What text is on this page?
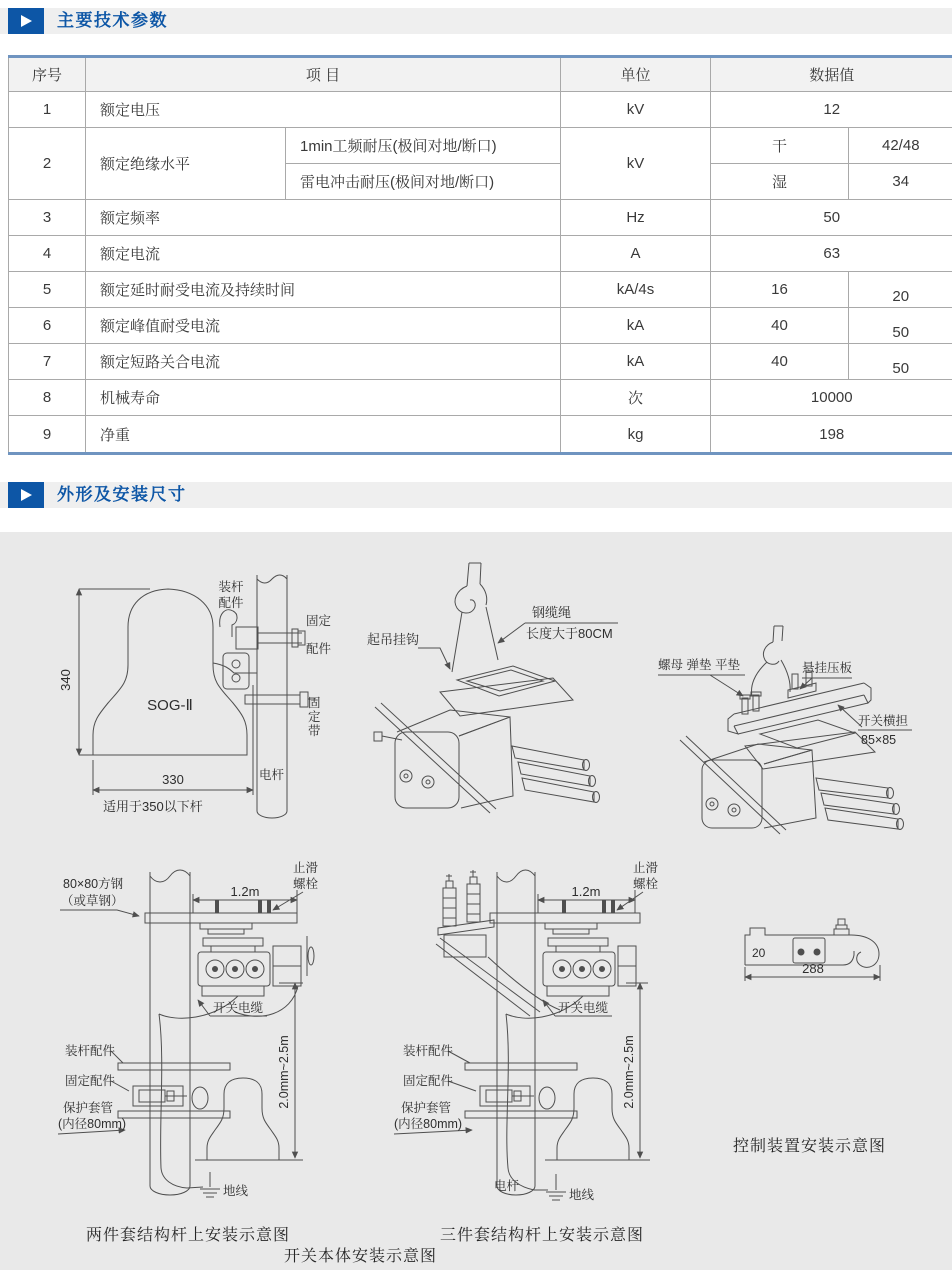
主要技术参数
序号	项 目		单位	数据值	
1	额定电压		kV	12	
2	额定绝缘水平	1min工频耐压(极间对地/断口)	kV	干	42/48
		雷电冲击耐压(极间对地/断口)		湿	34
3	额定频率		Hz	50	
4	额定电流		A	63	
5	额定延时耐受电流及持续时间		kA/4s	16	20
6	额定峰值耐受电流		kA	40	50
7	额定短路关合电流		kA	40	50
8	机械寿命		次	10000	
9	净重		kg	198	
外形及安装尺寸
340
330
SOG-Ⅱ
装杆
配件
固定
配件
固
定
带
电杆
适用于350以下杆
起吊挂钩
钢缆绳
长度大于80CM
螺母 弹垫 平垫	悬挂压板
开关横担
85×85
80×80方钢
（或草钢）
止滑
螺栓
1.2m
开关电缆
装杆配件
固定配件
保护套管
(内径80mm)
2.0mm~2.5m
地线
止滑
螺栓
1.2m
开关电缆
装杆配件
固定配件
保护套管
(内径80mm)
2.0mm~2.5m
电杆
地线
20
288
两件套结构杆上安装示意图	三件套结构杆上安装示意图
控制装置安装示意图
开关本体安装示意图
